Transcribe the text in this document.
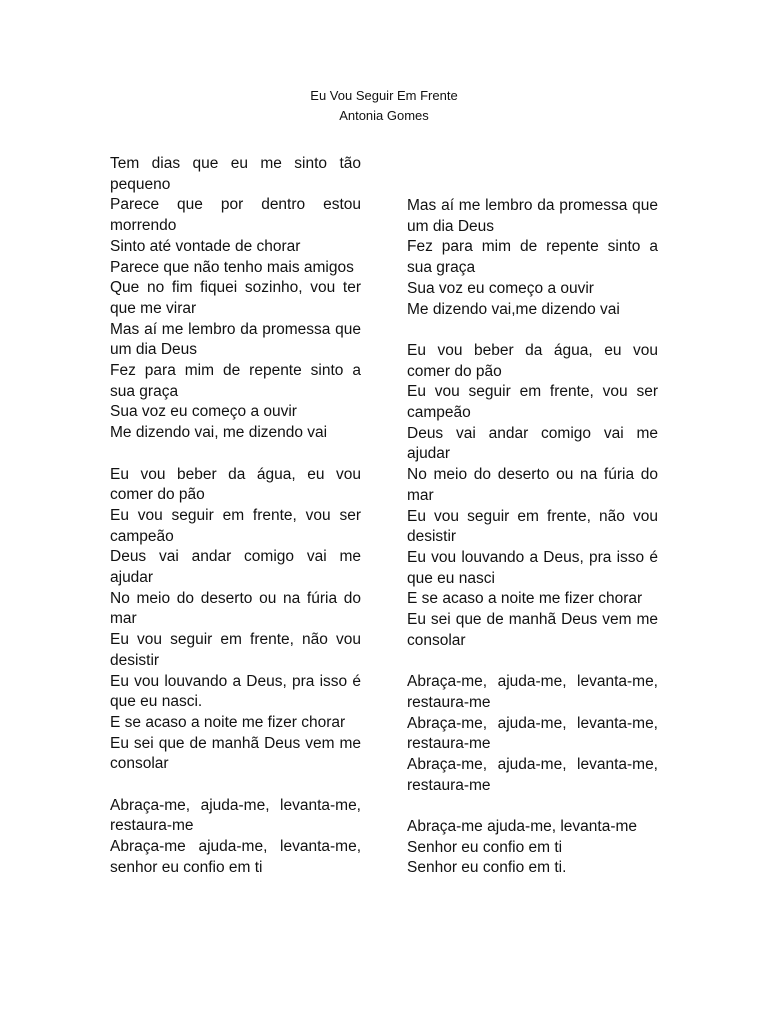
Eu Vou Seguir Em Frente
Antonia Gomes

Tem dias que eu me sinto tão pequeno

Parece que por dentro estou morrendo

Sinto até vontade de chorar

Parece que não tenho mais amigos

Que no fim fiquei sozinho, vou ter que me virar

Mas aí me lembro da promessa que um dia Deus

Fez para mim de repente sinto a sua graça

Sua voz eu começo a ouvir

Me dizendo vai, me dizendo vai

Eu vou beber da água, eu vou comer do pão

Eu vou seguir em frente, vou ser campeão

Deus vai andar comigo vai me ajudar

No meio do deserto ou na fúria do mar

Eu vou seguir em frente, não vou desistir

Eu vou louvando a Deus, pra isso é que eu nasci.

E se acaso a noite me fizer chorar

Eu sei que de manhã Deus vem me consolar

Abraça-me, ajuda-me, levanta-me, restaura-me

Abraça-me ajuda-me, levanta-me, senhor eu confio em ti

Mas aí me lembro da promessa que um dia Deus

Fez para mim de repente sinto a sua graça

Sua voz eu começo a ouvir

Me dizendo vai,me dizendo vai

Eu vou beber da água, eu vou comer do pão

Eu vou seguir em frente, vou ser campeão

Deus vai andar comigo vai me ajudar

No meio do deserto ou na fúria do mar

Eu vou seguir em frente, não vou desistir

Eu vou louvando a Deus, pra isso é que eu nasci

E se acaso a noite me fizer chorar

Eu sei que de manhã Deus vem me consolar

Abraça-me, ajuda-me, levanta-me, restaura-me

Abraça-me, ajuda-me, levanta-me, restaura-me

Abraça-me, ajuda-me, levanta-me, restaura-me

Abraça-me ajuda-me, levanta-me

Senhor eu confio em ti

Senhor eu confio em ti.
